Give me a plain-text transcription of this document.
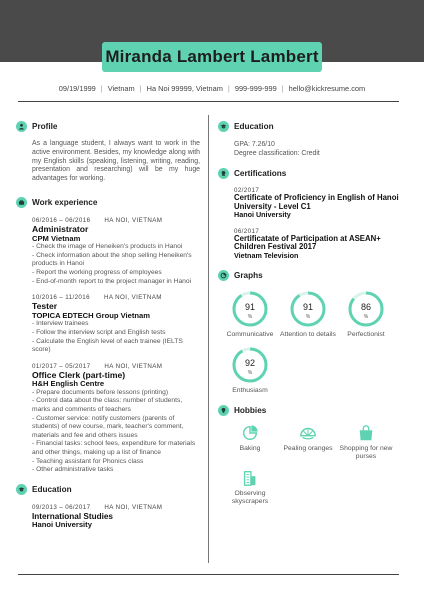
Miranda Lambert Lambert
09/19/1999 | Vietnam | Ha Noi 99999, Vietnam | 999-999-999 | hello@kickresume.com
Profile
As a language student, I always want to work in the active environment. Besides, my knowledge along with my English skills (speaking, listening, writing, reading, presentation and researching) will be my huge advantages for working.
Work experience
06/2016 – 06/2016 HA NOI, VIETNAM
Administrator
CPM Vietnam
- Check the image of Heneiken's products in Hanoi
- Check information about the shop selling Heneiken's products in Hanoi
- Report the working progress of employees
- End-of-month report to the project manager in Hanoi
10/2016 – 11/2016 HA NOI, VIETNAM
Tester
TOPICA EDTECH Group Vietnam
- Interview trainees
- Follow the interview script and English tests
- Calculate the English level of each trainee (IELTS score)
01/2017 – 05/2017 HA NOI, VIETNAM
Office Clerk (part-time)
H&H English Centre
- Prepare documents before lessons (printing)
- Control data about the class: number of students, marks and comments of teachers
- Customer service: notify customers (parents of students) of new course, mark, teacher's comment, materials and fee and others issues
- Financial tasks: school fees, expenditure for materials and other things, making up a list of finance
- Teaching assistant for Phonics class
- Other administrative tasks
Education
09/2013 – 06/2017 HA NOI, VIETNAM
International Studies
Hanoi University
Education
GPA: 7.26/10
Degree classification: Credit
Certifications
02/2017
Certificate of Proficiency in English of Hanoi University - Level C1
Hanoi University
06/2017
Certificatate of Participation at ASEAN+ Children Festival 2017
Vietnam Television
Graphs
91
%
Communicative
91
%
Attention to details
86
%
Perfectionist
92
%
Enthusiasm
Hobbies
Baking	Pealing oranges	Shopping for new purses
Observing skyscrapers
